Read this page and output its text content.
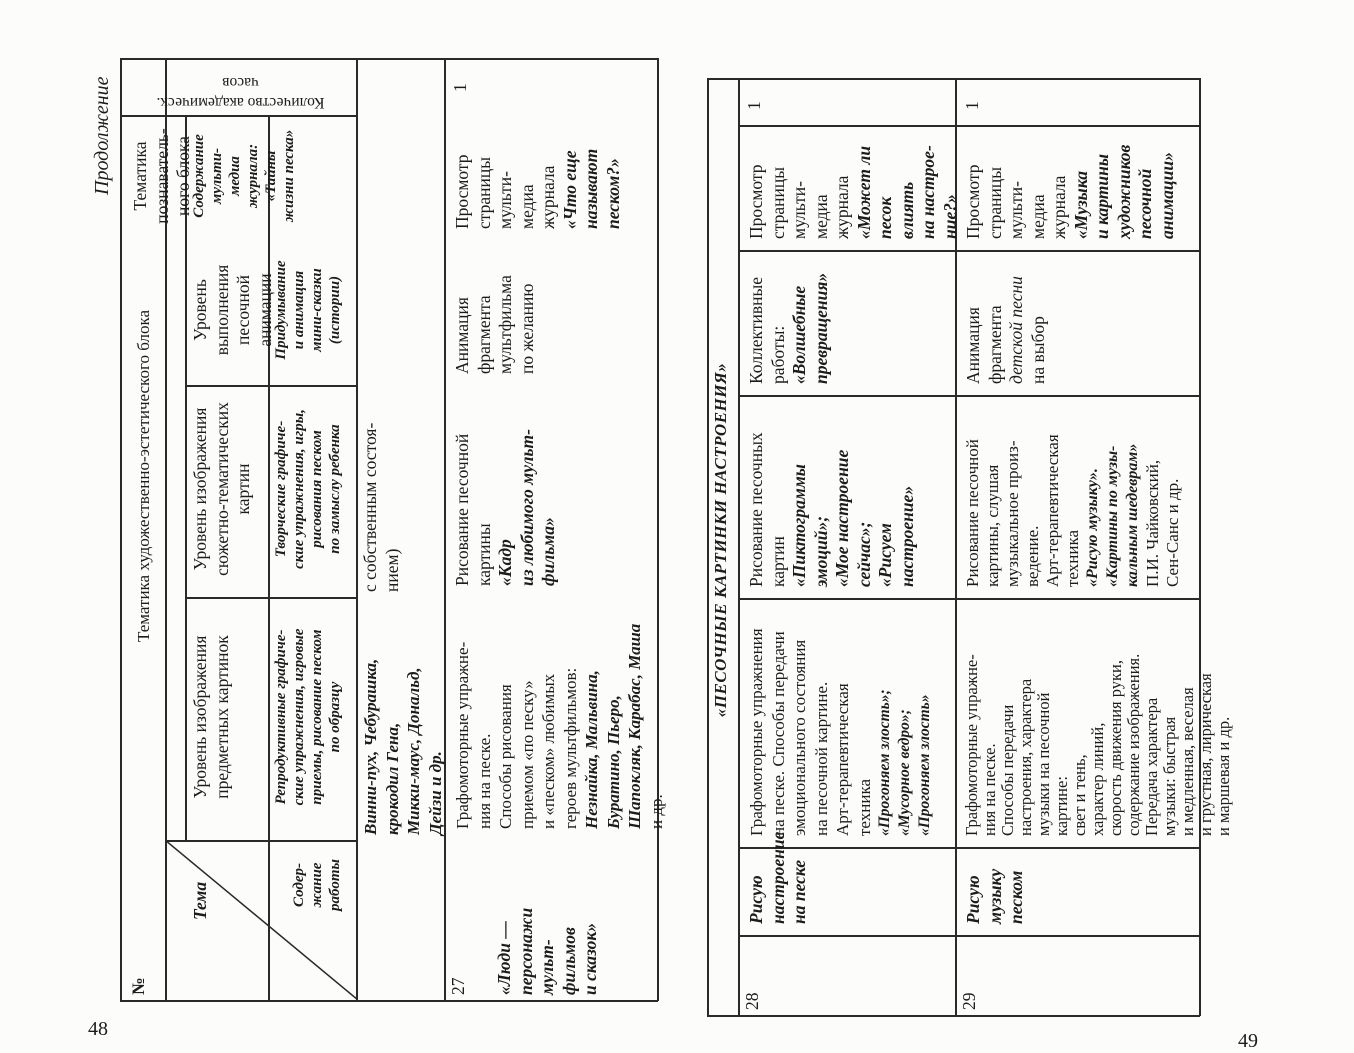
48
49
Продолжение
№
Тема	Содер-
жание
работы
Тематика художественно-эстетического блока
Уровень изображения
предметных картинок
Уровень изображения
сюжетно-тематических
картин
Уровень
выполнения
песочной
анимации
Тематика
познаватель-
ного блока
Количество академическ.
часов
Репродуктивные графиче-
ские упражнения, игровые
приемы, рисование песком
по образцу
Творческие графиче-
ские упражнения, игры,
рисования песком
по замыслу ребенка
Придумывание
и анимация
мини-сказки
(истории)
Содержание
мульти-
медиа
журнала:
«Тайны
жизни песка»
Винни-пух, Чебурашка,
крокодил Гена,
Микки-маус, Дональд,
Дейзи и др.
с собственным состоя-
нием)
27 «Люди —
персонажи
мульт-
фильмов
и сказок»
Графомоторные упражне-
ния на песке.
Способы рисования
приемом «по песку»
и «песком» любимых
героев мультфильмов:
Незнайка, Мальвина,
Буратино, Пьеро,
Шапокляк, Карабас, Маша
и др.
Рисование песочной
картины «Кадр
из любимого мульт-
фильма»
Анимация
фрагмента
мультфильма
по желанию
Просмотр
страницы
мульти-
медиа
журнала «Что еще
называют
песком?»
1
«ПЕСОЧНЫЕ КАРТИНКИ НАСТРОЕНИЯ»
28
Рисую
настроение
на песке
Графомоторные упражнения
на песке. Способы передачи
эмоционального состояния
на песочной картине.
Арт-терапевтическая
техника «Прогоняем злость»;
«Мусорное ведро»;
«Прогоняем злость»
Рисование песочных
картин «Пиктограммы
эмоций»;
«Мое настроение
сейчас»;
«Рисуем
настроение»
Коллективные
работы: «Волшебные
превращения»
Просмотр
страницы
мульти-
медиа
журнала «Может ли
песок
влиять
на настрое-
ние?»
1
29
Рисую
музыку
песком
Графомоторные упражне-
ния на песке.
Способы передачи
настроения, характера
музыки на песочной
картине:
свет и тень,
характер линий,
скорость движения руки,
содержание изображения.
Передача характера
музыки: быстрая
и медленная, веселая
и грустная, лирическая
и маршевая и др.
Рисование песочной
картины, слушая
музыкальное произ-
ведение.
Арт-терапевтическая
техника «Рисую музыку».
«Картины по музы-
кальным шедеврам»
П.И. Чайковский,
Сен-Санс и др.
Анимация
фрагмента детской песни на выбор
Просмотр
страницы
мульти-
медиа
журнала «Музыка
и картины
художников
песочной
анимации»
1
